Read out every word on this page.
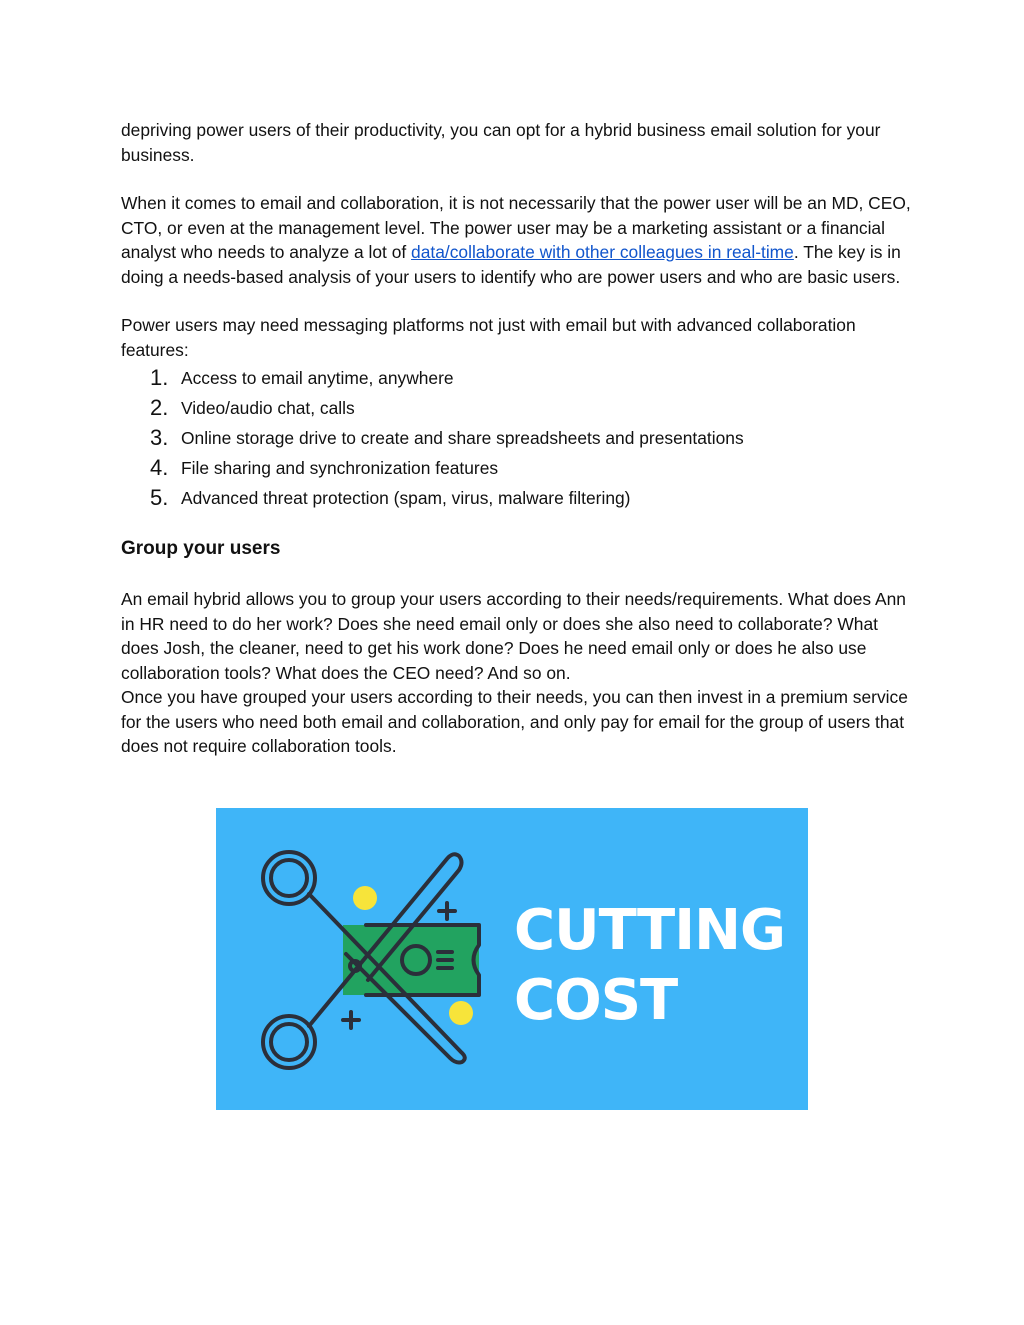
depriving power users of their productivity, you can opt for a hybrid business email solution for your business.

When it comes to email and collaboration, it is not necessarily that the power user will be an MD, CEO, CTO, or even at the management level. The power user may be a marketing assistant or a financial analyst who needs to analyze a lot of data/collaborate with other colleagues in real-time. The key is in doing a needs-based analysis of your users to identify who are power users and who are basic users.

Power users may need messaging platforms not just with email but with advanced collaboration features:

1. Access to email anytime, anywhere
2. Video/audio chat, calls
3. Online storage drive to create and share spreadsheets and presentations
4. File sharing and synchronization features
5. Advanced threat protection (spam, virus, malware filtering)
Group your users

An email hybrid allows you to group your users according to their needs/requirements. What does Ann in HR need to do her work? Does she need email only or does she also need to collaborate? What does Josh, the cleaner, need to get his work done? Does he need email only or does he also use collaboration tools? What does the CEO need? And so on.

Once you have grouped your users according to their needs, you can then invest in a premium service for the users who need both email and collaboration, and only pay for email for the group of users that does not require collaboration tools.

CUTTING
COST
